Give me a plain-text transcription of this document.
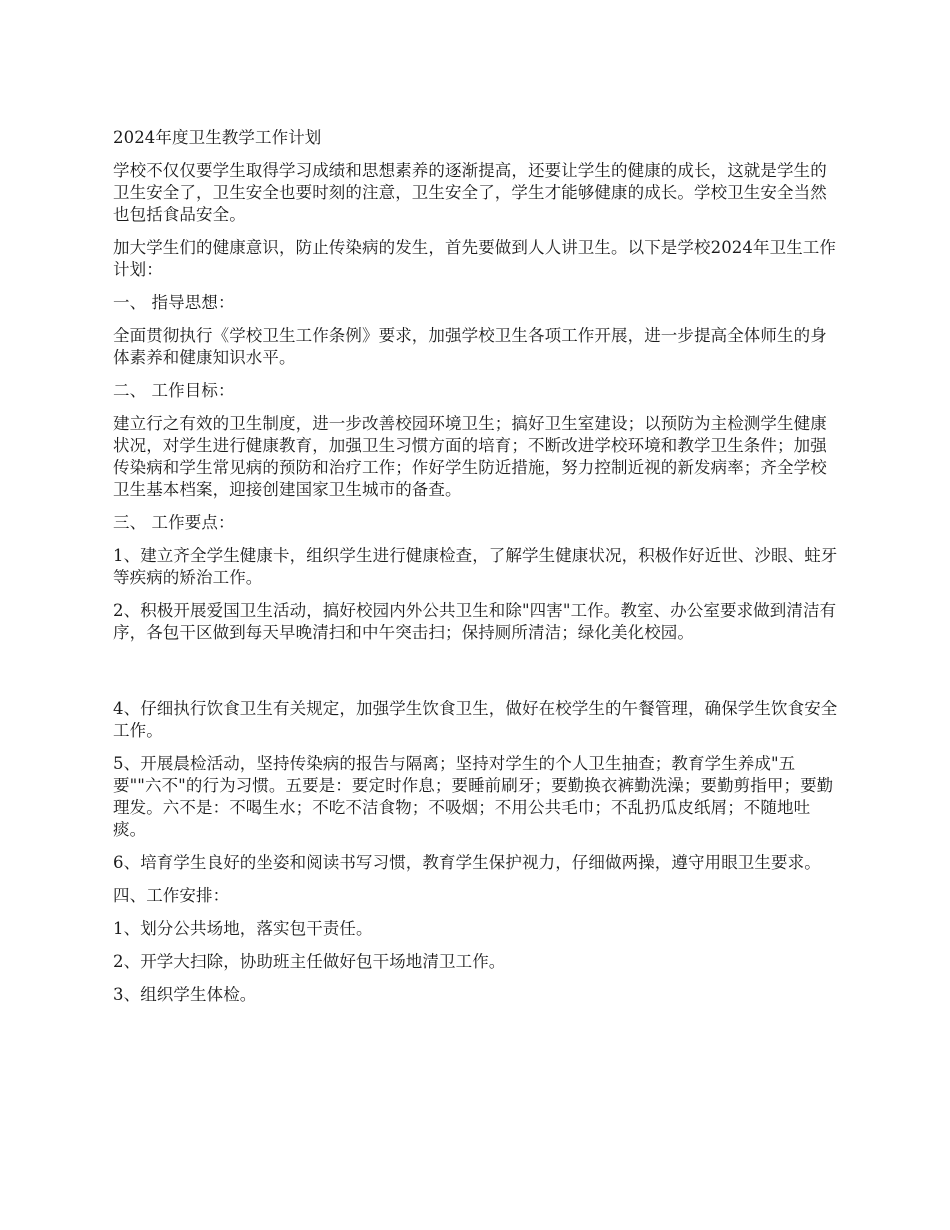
2024年度卫生教学工作计划

学校不仅仅要学生取得学习成绩和思想素养的逐渐提高，还要让学生的健康的成长，这就是学生的卫生安全了，卫生安全也要时刻的注意，卫生安全了，学生才能够健康的成长。学校卫生安全当然也包括食品安全。

加大学生们的健康意识，防止传染病的发生，首先要做到人人讲卫生。以下是学校2024年卫生工作计划：

一、 指导思想：

全面贯彻执行《学校卫生工作条例》要求，加强学校卫生各项工作开展，进一步提高全体师生的身体素养和健康知识水平。

二、 工作目标：

建立行之有效的卫生制度，进一步改善校园环境卫生；搞好卫生室建设；以预防为主检测学生健康状况，对学生进行健康教育，加强卫生习惯方面的培育；不断改进学校环境和教学卫生条件；加强传染病和学生常见病的预防和治疗工作；作好学生防近措施，努力控制近视的新发病率；齐全学校卫生基本档案，迎接创建国家卫生城市的备查。

三、 工作要点：

1、建立齐全学生健康卡，组织学生进行健康检查，了解学生健康状况，积极作好近世、沙眼、蛀牙等疾病的矫治工作。

2、积极开展爱国卫生活动，搞好校园内外公共卫生和除"四害"工作。教室、办公室要求做到清洁有序，各包干区做到每天早晚清扫和中午突击扫；保持厕所清洁；绿化美化校园。

4、仔细执行饮食卫生有关规定，加强学生饮食卫生，做好在校学生的午餐管理，确保学生饮食安全工作。

5、开展晨检活动，坚持传染病的报告与隔离；坚持对学生的个人卫生抽查；教育学生养成"五要""六不"的行为习惯。五要是：要定时作息；要睡前刷牙；要勤换衣裤勤洗澡；要勤剪指甲；要勤理发。六不是：不喝生水；不吃不洁食物；不吸烟；不用公共毛巾；不乱扔瓜皮纸屑；不随地吐痰。

6、培育学生良好的坐姿和阅读书写习惯，教育学生保护视力，仔细做两操，遵守用眼卫生要求。

四、工作安排：

1、划分公共场地，落实包干责任。

2、开学大扫除，协助班主任做好包干场地清卫工作。

3、组织学生体检。
